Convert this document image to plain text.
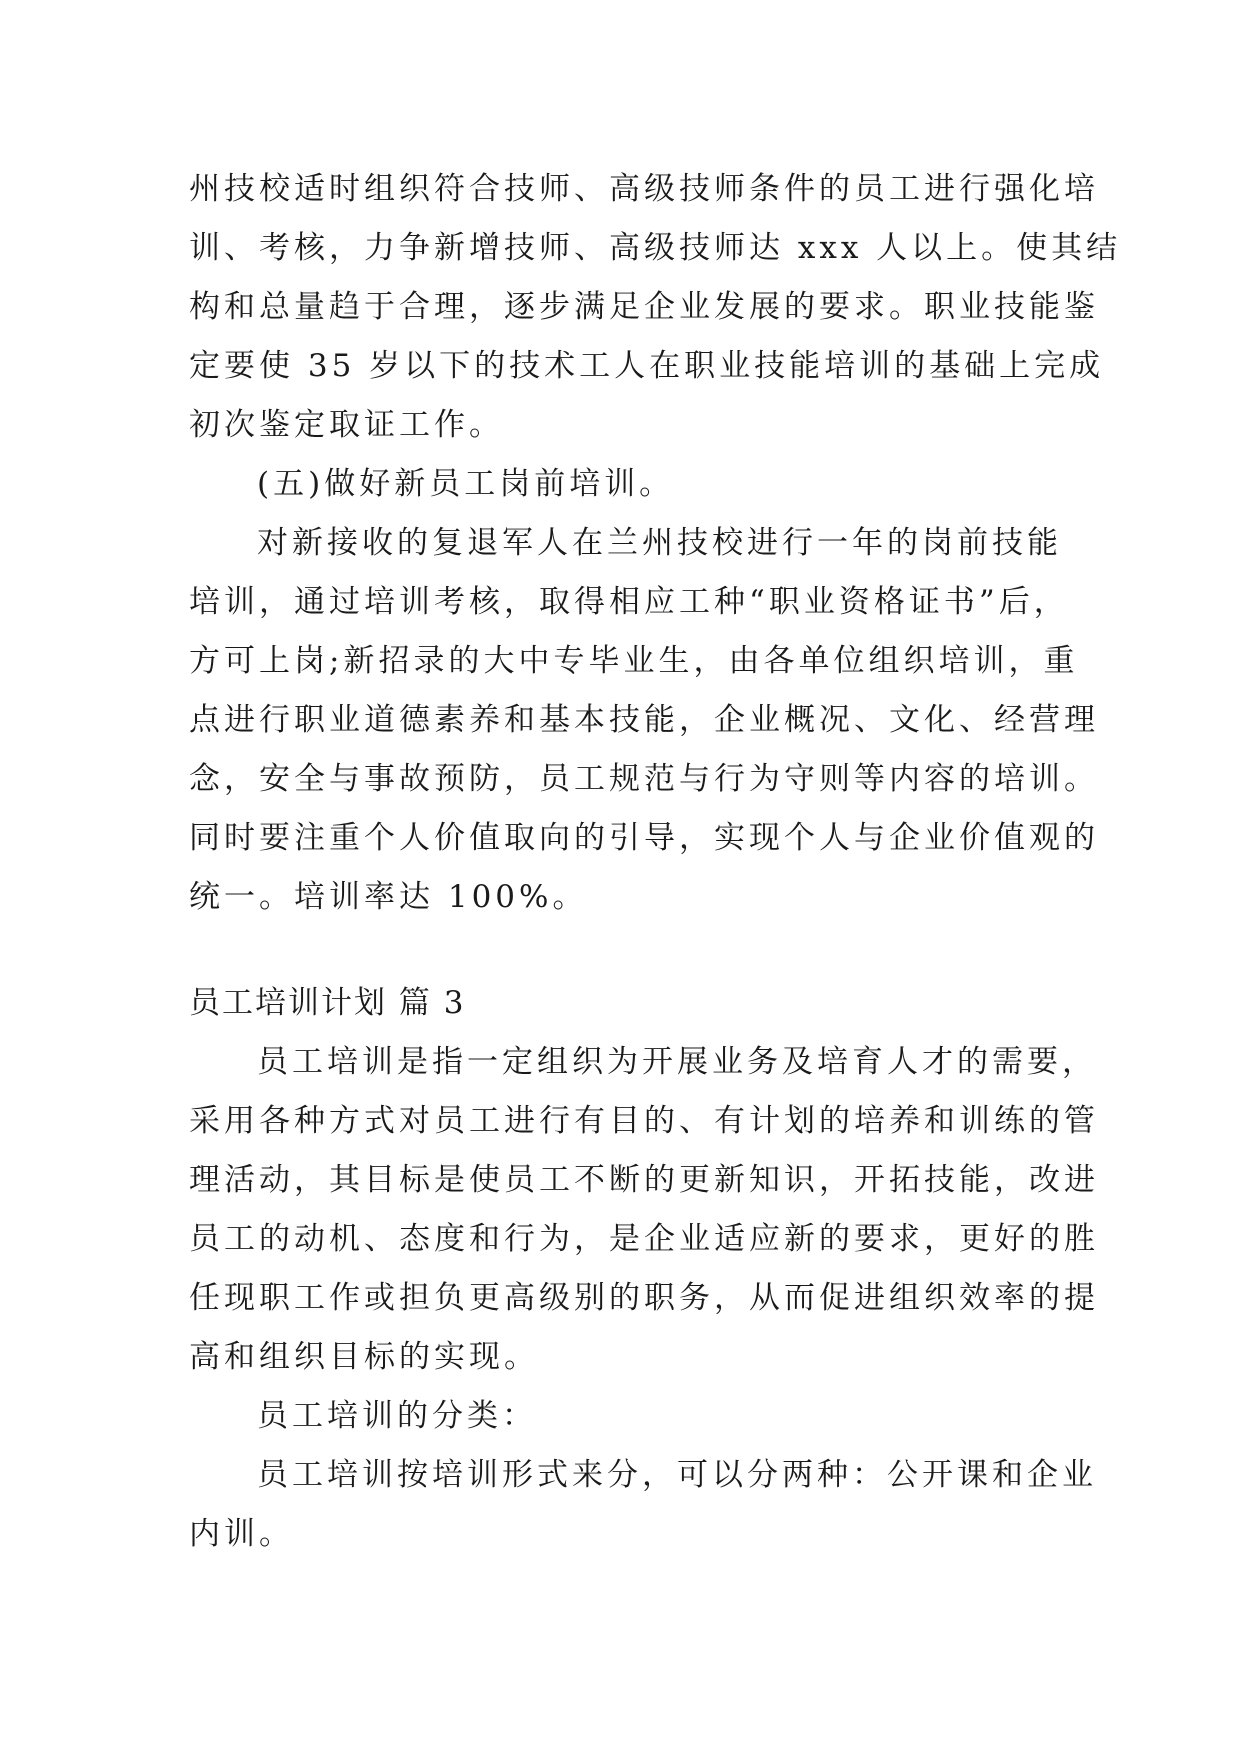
州技校适时组织符合技师、高级技师条件的员工进行强化培
训、考核，力争新增技师、高级技师达 xxx 人以上。使其结
构和总量趋于合理，逐步满足企业发展的要求。职业技能鉴
定要使 35 岁以下的技术工人在职业技能培训的基础上完成
初次鉴定取证工作。
(五)做好新员工岗前培训。
对新接收的复退军人在兰州技校进行一年的岗前技能
培训，通过培训考核，取得相应工种“职业资格证书”后，
方可上岗;新招录的大中专毕业生，由各单位组织培训，重
点进行职业道德素养和基本技能，企业概况、文化、经营理
念，安全与事故预防，员工规范与行为守则等内容的培训。
同时要注重个人价值取向的引导，实现个人与企业价值观的
统一。培训率达 100%。
员工培训计划 篇 3
员工培训是指一定组织为开展业务及培育人才的需要，
采用各种方式对员工进行有目的、有计划的培养和训练的管
理活动，其目标是使员工不断的更新知识，开拓技能，改进
员工的动机、态度和行为，是企业适应新的要求，更好的胜
任现职工作或担负更高级别的职务，从而促进组织效率的提
高和组织目标的实现。
员工培训的分类：
员工培训按培训形式来分，可以分两种：公开课和企业
内训。
